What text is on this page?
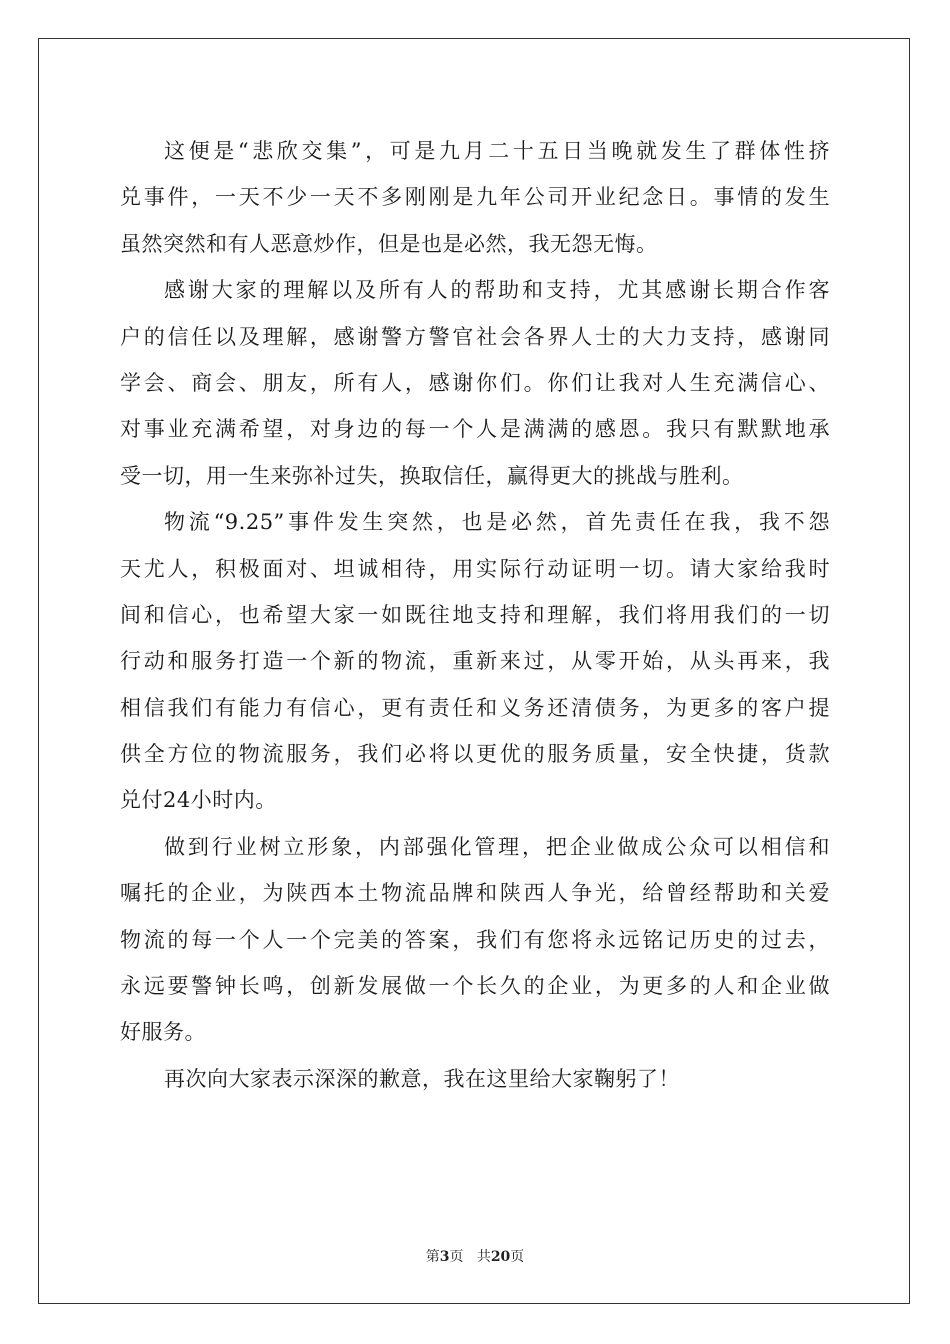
这便是“悲欣交集”，可是九月二十五日当晚就发生了群体性挤
兑事件，一天不少一天不多刚刚是九年公司开业纪念日。事情的发生
虽然突然和有人恶意炒作，但是也是必然，我无怨无悔。
感谢大家的理解以及所有人的帮助和支持，尤其感谢长期合作客
户的信任以及理解，感谢警方警官社会各界人士的大力支持，感谢同
学会、商会、朋友，所有人，感谢你们。你们让我对人生充满信心、
对事业充满希望，对身边的每一个人是满满的感恩。我只有默默地承
受一切，用一生来弥补过失，换取信任，赢得更大的挑战与胜利。
物流“9.25”事件发生突然，也是必然，首先责任在我，我不怨
天尤人，积极面对、坦诚相待，用实际行动证明一切。请大家给我时
间和信心，也希望大家一如既往地支持和理解，我们将用我们的一切
行动和服务打造一个新的物流，重新来过，从零开始，从头再来，我
相信我们有能力有信心，更有责任和义务还清债务，为更多的客户提
供全方位的物流服务，我们必将以更优的服务质量，安全快捷，货款
兑付24小时内。
做到行业树立形象，内部强化管理，把企业做成公众可以相信和
嘱托的企业，为陕西本土物流品牌和陕西人争光，给曾经帮助和关爱
物流的每一个人一个完美的答案，我们有您将永远铭记历史的过去，
永远要警钟长鸣，创新发展做一个长久的企业，为更多的人和企业做
好服务。
再次向大家表示深深的歉意，我在这里给大家鞠躬了！
第3页 共20页
